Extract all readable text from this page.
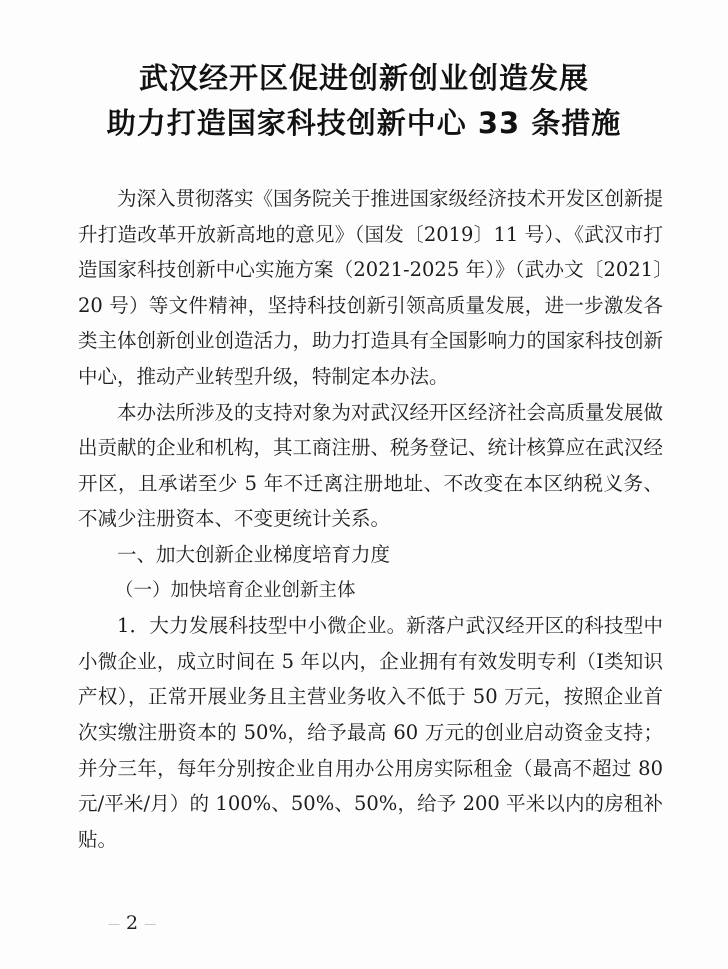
武汉经开区促进创新创业创造发展
助力打造国家科技创新中心 33 条措施

为深入贯彻落实《国务院关于推进国家级经济技术开发区创新提升打造改革开放新高地的意见》（国发〔2019〕11 号）、《武汉市打造国家科技创新中心实施方案（2021-2025 年）》（武办文〔2021〕20 号）等文件精神，坚持科技创新引领高质量发展，进一步激发各类主体创新创业创造活力，助力打造具有全国影响力的国家科技创新中心，推动产业转型升级，特制定本办法。

本办法所涉及的支持对象为对武汉经开区经济社会高质量发展做出贡献的企业和机构，其工商注册、税务登记、统计核算应在武汉经开区，且承诺至少 5 年不迁离注册地址、不改变在本区纳税义务、不减少注册资本、不变更统计关系。

一、加大创新企业梯度培育力度
（一）加快培育企业创新主体

1．大力发展科技型中小微企业。新落户武汉经开区的科技型中小微企业，成立时间在 5 年以内，企业拥有有效发明专利（Ⅰ类知识产权），正常开展业务且主营业务收入不低于 50 万元，按照企业首次实缴注册资本的 50%，给予最高 60 万元的创业启动资金支持；并分三年，每年分别按企业自用办公用房实际租金（最高不超过 80 元/平米/月）的 100%、50%、50%，给予 200 平米以内的房租补贴。

— 2 —
